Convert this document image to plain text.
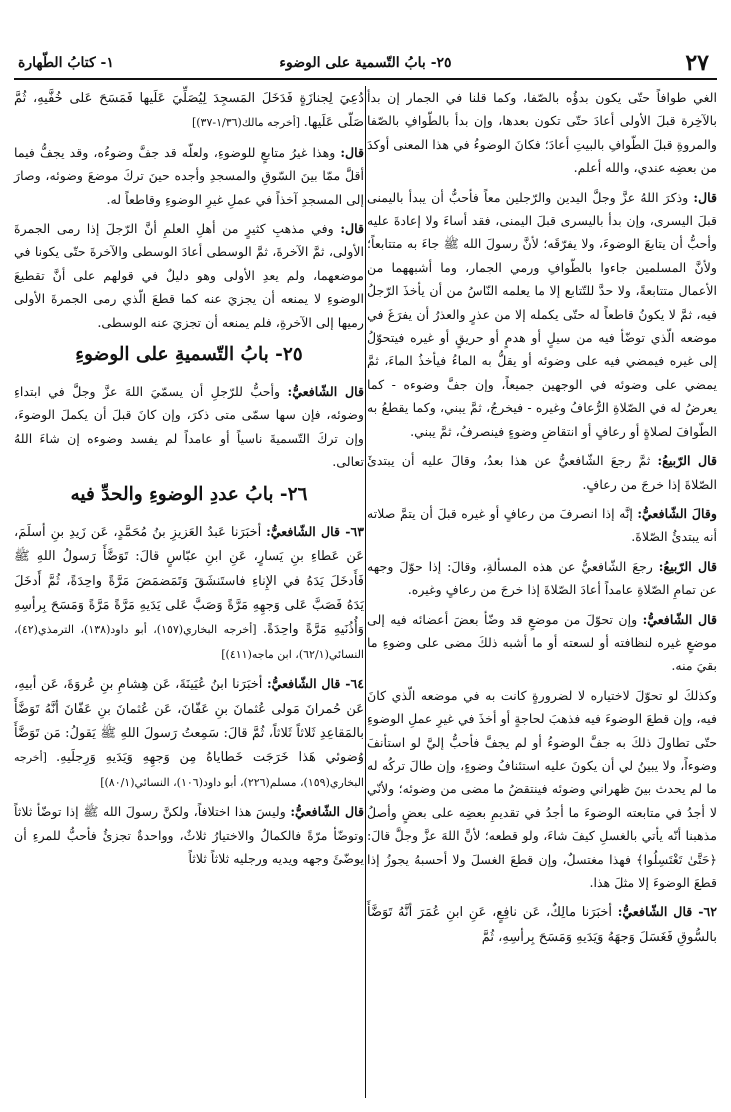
٢٧
٢٥- بابُ التّسمية على الوضوء
١- كتابُ الطّهارة

الغي طوافاً حتّى يكون بدؤُه بالصّفا، وكما قلنا في الجمار إن بدأ بالآخِرة قبلَ الأولى أعادَ حتّى تكون بعدها، وإن بدأ بالطّوافِ بالصّفا والمروةِ قبلَ الطّوافِ بالبيتِ أعادَ؛ فكانَ الوضوءُ في هذا المعنى أوكدَ من بعضِه عندي، والله أعلم.

قال: وذكرَ اللهُ عزَّ وجلَّ اليدين والرّجلين معاً فأحبُّ أن يبدأ باليمنى قبلَ اليسرى، وإن بدأ باليسرى قبلَ اليمنى، فقد أساءَ ولا إعادةَ عليه وأحبُّ أن يتابعَ الوضوءَ، ولا يفرّقَه؛ لأنَّ رسولَ الله ﷺ جاءَ به متتابعاً؛ ولأنَّ المسلمين جاءوا بالطّوافِ ورمي الجمار، وما أشبههما من الأعمال متتابعةً، ولا حدَّ للتّتابع إلا ما يعلمه النّاسُ من أن يأخذَ الرّجلُ فيه، ثمَّ لا يكونُ قاطعاً له حتّى يكمله إلا من عذرٍ والعذرُ أن يفرَغَ في موضعه الّذي توضّأ فيه من سيلٍ أو هدمٍ أو حريقٍ أو غيره فيتحوّلُ إلى غيره فيمضي فيه على وضوئه أو يقلُّ به الماءُ فيأخذُ الماءَ، ثمَّ يمضي على وضوئه في الوجهين جميعاً، وإن جفَّ وضوءه - كما يعرضُ له في الصّلاةِ الرُّعافُ وغيره - فيخرجُ، ثمَّ يبني، وكما يقطعُ به الطّوافَ لصلاةٍ أو رعافٍ أو انتقاضِ وضوءٍ فينصرفُ، ثمَّ يبني.

قال الرّبيعُ: ثمَّ رجعَ الشّافعيُّ عن هذا بعدُ، وقالَ عليه أن يبتدئَ الصّلاةَ إذا خرجَ من رعافٍ.

وقالَ الشّافعيُّ: إنَّه إذا انصرفَ من رعافٍ أو غيره قبلَ أن يتمَّ صلاته أنه يبتدئُ الصّلاةَ.

قال الرّبيعُ: رجعَ الشّافعيُّ عن هذه المسألةِ، وقالَ: إذا حوّلَ وجهه عن تمامِ الصّلاةِ عامداً أعادَ الصّلاةَ إذا خرجَ من رعافٍ وغيره.

قال الشّافعيُّ: وإن تحوّلَ من موضعٍ قد وضّأ بعضَ أعضائه فيه إلى موضعٍ غيره لنظافته أو لسعته أو ما أشبه ذلكَ مضى على وضوءِ ما بقيَ منه.

وكذلكَ لو تحوّلَ لاختياره لا لضرورةٍ كانت به في موضعه الّذي كانَ فيه، وإن قطعَ الوضوءَ فيه فذهبَ لحاجةٍ أو أخذَ في غيرِ عملِ الوضوءِ حتّى تطاولَ ذلكَ به جفَّ الوضوءُ أو لم يجفَّ فأحبُّ إليَّ لو استأنفَ وضوءاً، ولا يبينُ لي أن يكونَ عليه استئنافُ وضوءٍ، وإن طالَ تركُه له ما لم يحدث بينَ ظهراني وضوئه فينتقضُ ما مضى من وضوئه؛ ولأنّي لا أجدُ في متابعته الوضوءَ ما أجدُ في تقديمِ بعضِه على بعضٍ وأصلُ مذهبنا أنّه يأتي بالغسلِ كيفَ شاءَ، ولو قطعه؛ لأنَّ اللهَ عزَّ وجلَّ قالَ: ﴿حَتَّىٰ تَغْتَسِلُوا﴾ فهذا مغتسلٌ، وإن قطعَ الغسلَ ولا أحسبهُ يجوزُ إذا قطعَ الوضوءَ إلا مثلَ هذا.

٦٢- قال الشّافعيُّ: أخبَرَنا مالِكٌ، عَن نافِعٍ، عَنِ ابنِ عُمَرَ أنَّهُ تَوَضَّأَ بالسُّوقِ فَغَسَلَ وَجهَهُ وَيَدَيهِ وَمَسَحَ بِرأسِهِ، ثُمَّ

دُعِيَ لِجنازَةٍ فَدَخَلَ المَسجِدَ لِيُصَلِّيَ عَلَيها فَمَسَحَ عَلى خُفَّيهِ، ثُمَّ صَلّى عَلَيها. [أخرجه مالك(١/٣٦-٣٧)]

قال: وهذا غيرُ متابعٍ للوضوءِ، ولعلّه قد جفَّ وضوءُه، وقد يجفُّ فيما أقلَّ ممّا بينَ السّوقِ والمسجدِ وأجده حينَ تركَ موضعَ وضوئه، وصارَ إلى المسجدِ آخذاً في عملِ غيرِ الوضوءِ وقاطعاً له.

قال: وفي مذهبِ كثيرٍ من أهلِ العلمِ أنَّ الرّجلَ إذا رمى الجمرةَ الأولى، ثمَّ الآخرةَ، ثمَّ الوسطى أعادَ الوسطى والآخرةَ حتّى يكونا في موضعهما، ولم يعدِ الأولى وهو دليلٌ في قولهم على أنَّ تقطيعَ الوضوءِ لا يمنعه أن يجزيَ عنه كما قطعَ الّذي رمى الجمرةَ الأولى رميها إلى الآخرةِ، فلم يمنعه أن تجزيَ عنه الوسطى.

٢٥- بابُ التّسميةِ على الوضوءِ

قال الشّافعيُّ: وأحبُّ للرّجلِ أن يسمّيَ اللهَ عزَّ وجلَّ في ابتداءِ وضوئه، فإن سها سمّى متى ذكرَ، وإن كانَ قبلَ أن يكملَ الوضوءَ، وإن تركَ التّسميةَ ناسياً أو عامداً لم يفسد وضوءه إن شاءَ اللهُ تعالى.

٢٦- بابُ عددِ الوضوءِ والحدِّ فيه

٦٣- قال الشّافعيُّ: أخبَرَنا عَبدُ العَزيزِ بنُ مُحَمَّدٍ، عَن زَيدِ بنِ أسلَمَ، عَن عَطاءِ بنِ يَسارٍ، عَنِ ابنِ عبّاسٍ قالَ: تَوَضَّأَ رَسولُ اللهِ ﷺ فَأَدخَلَ يَدَهُ في الإِناءِ فاستَنشَقَ وَتَمَضمَضَ مَرَّةً واحِدَةً، ثُمَّ أَدخَلَ يَدَهُ فَصَبَّ عَلى وَجهِهِ مَرَّةً وَصَبَّ عَلى يَدَيهِ مَرَّةً مَرَّةً وَمَسَحَ بِرأسِهِ وَأُذُنَيهِ مَرَّةً واحِدَةً. [أخرجه البخاري(١٥٧)، أبو داود(١٣٨)، الترمذي(٤٢)، النسائي(٦٢/١)، ابن ماجه(٤١١)]

٦٤- قال الشّافعيُّ: أخبَرَنا ابنُ عُيَينَةَ، عَن هِشامِ بنِ عُروَةَ، عَن أبيهِ، عَن حُمرانَ مَولى عُثمانَ بنِ عَفّانَ، عَن عُثمانَ بنِ عَفّانَ أنَّهُ تَوَضَّأَ بالمَقاعِدِ ثَلاثاً ثَلاثاً، ثُمَّ قالَ: سَمِعتُ رَسولَ اللهِ ﷺ يَقولُ: مَن تَوَضَّأَ وُضوئي هَذا خَرَجَت خَطاياهُ مِن وَجهِهِ وَيَدَيهِ وَرِجلَيهِ. [أخرجه البخاري(١٥٩)، مسلم(٢٢٦)، أبو داود(١٠٦)، النسائي(٨٠/١)]

قال الشّافعيُّ: وليسَ هذا اختلافاً، ولكنَّ رسولَ الله ﷺ إذا توضّأ ثلاثاً وتوضّأ مرّةً فالكمالُ والاختيارُ ثلاثٌ، وواحدةٌ تجزئُ فأحبُّ للمرءِ أن يوضّئَ وجهه ويديه ورجليه ثلاثاً ثلاثاً
